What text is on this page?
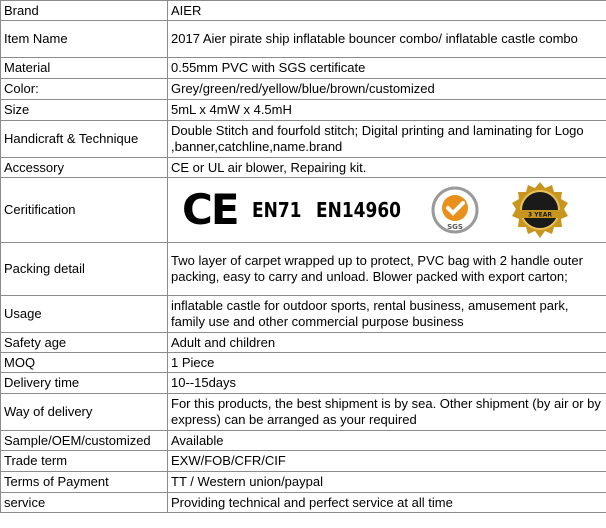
Brand	AIER
Item Name	2017 Aier pirate ship inflatable bouncer combo/ inflatable castle combo
Material	0.55mm PVC with SGS certificate
Color:	Grey/green/red/yellow/blue/brown/customized
Size	5mL x 4mW x 4.5mH
Handicraft & Technique	Double Stitch and fourfold stitch; Digital printing and laminating for Logo ,banner,catchline,name.brand
Accessory	CE or UL air blower, Repairing kit.
Ceritification	CE EN71 EN14960
SGS
3 YEAR

Packing detail	Two layer of carpet wrapped up to protect, PVC bag with 2 handle outer packing, easy to carry and unload. Blower packed with export carton;
Usage	inflatable castle for outdoor sports, rental business, amusement park, family use and other commercial purpose business
Safety age	Adult and children
MOQ	1 Piece
Delivery time	10--15days
Way of delivery	For this products, the best shipment is by sea. Other shipment (by air or by express) can be arranged as your required
Sample/OEM/customized	Available
Trade term	EXW/FOB/CFR/CIF
Terms of Payment	TT / Western union/paypal
service	Providing technical and perfect service at all time
